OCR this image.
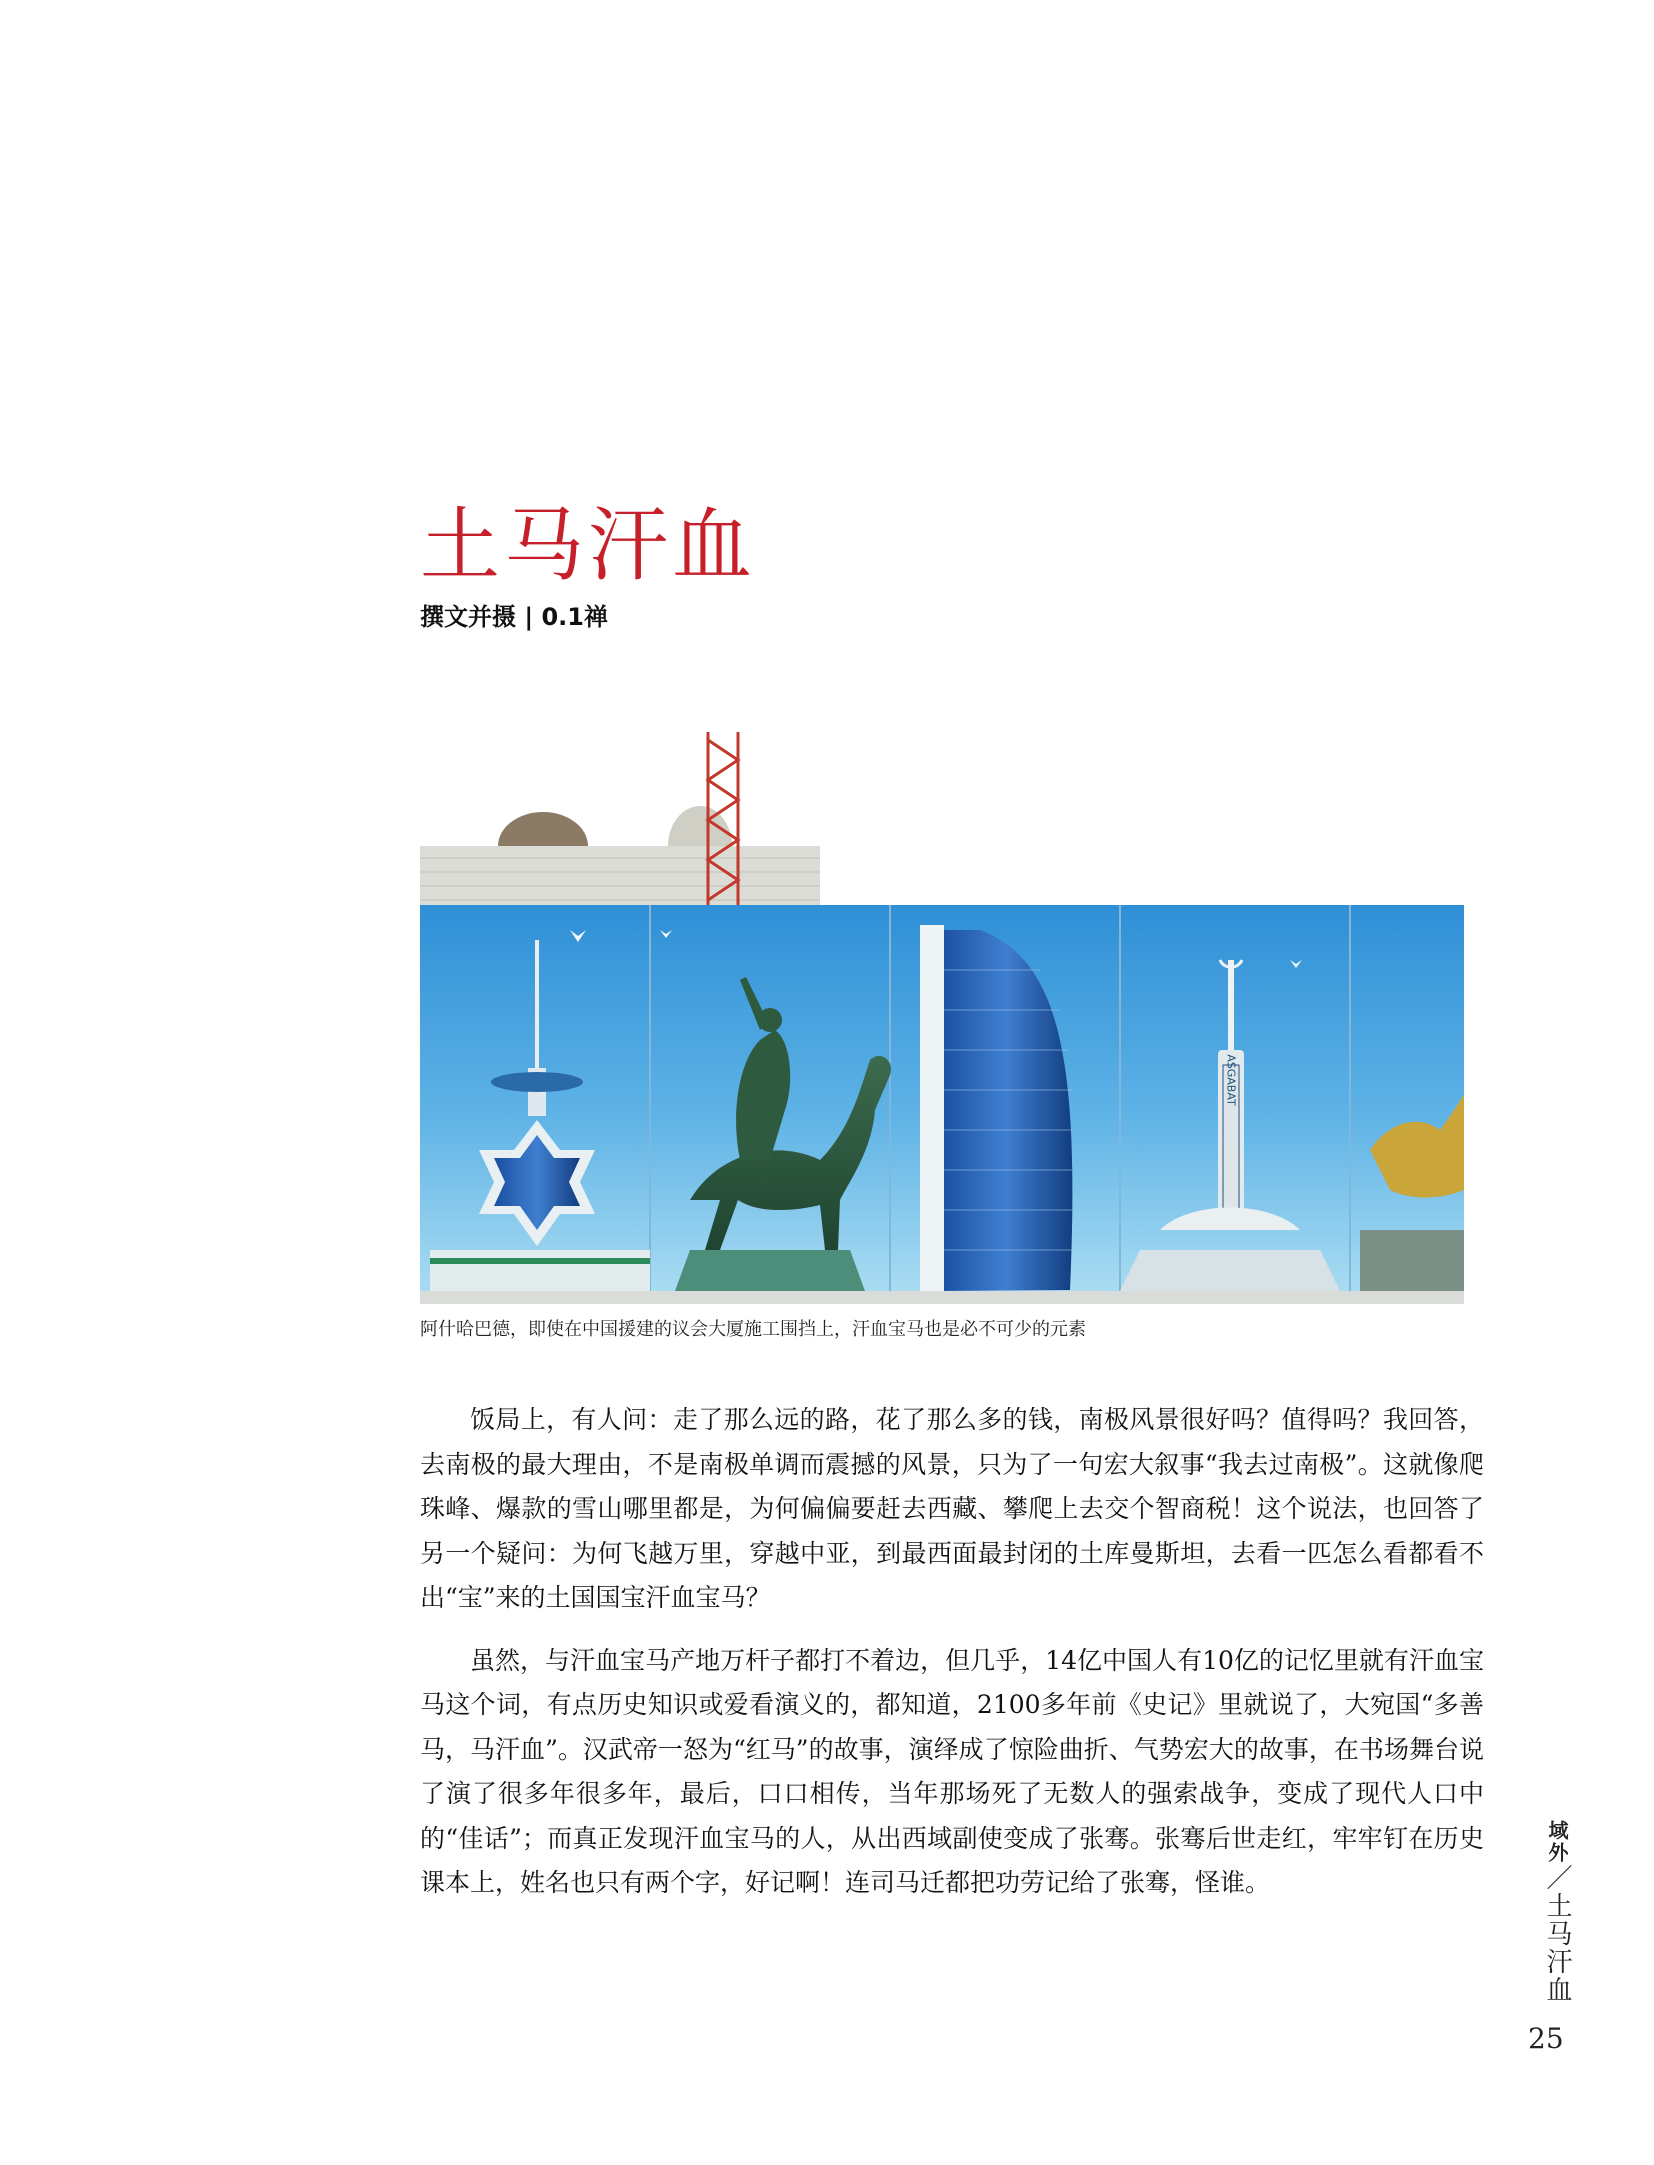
土马汗血
撰文并摄 | 0.1禅
ASGABAT
阿什哈巴德，即使在中国援建的议会大厦施工围挡上，汗血宝马也是必不可少的元素

饭局上，有人问：走了那么远的路，花了那么多的钱，南极风景很好吗？值得吗？我回答，去南极的最大理由，不是南极单调而震撼的风景，只为了一句宏大叙事“我去过南极”。这就像爬珠峰、爆款的雪山哪里都是，为何偏偏要赶去西藏、攀爬上去交个智商税！这个说法，也回答了另一个疑问：为何飞越万里，穿越中亚，到最西面最封闭的土库曼斯坦，去看一匹怎么看都看不出“宝”来的土国国宝汗血宝马？

虽然，与汗血宝马产地万杆子都打不着边，但几乎，14亿中国人有10亿的记忆里就有汗血宝马这个词，有点历史知识或爱看演义的，都知道，2100多年前《史记》里就说了，大宛国“多善马，马汗血”。汉武帝一怒为“红马”的故事，演绎成了惊险曲折、气势宏大的故事，在书场舞台说了演了很多年很多年，最后，口口相传，当年那场死了无数人的强索战争，变成了现代人口中的“佳话”；而真正发现汗血宝马的人，从出西域副使变成了张骞。张骞后世走红，牢牢钉在历史课本上，姓名也只有两个字，好记啊！连司马迁都把功劳记给了张骞，怪谁。

域外／土马汗血
25
